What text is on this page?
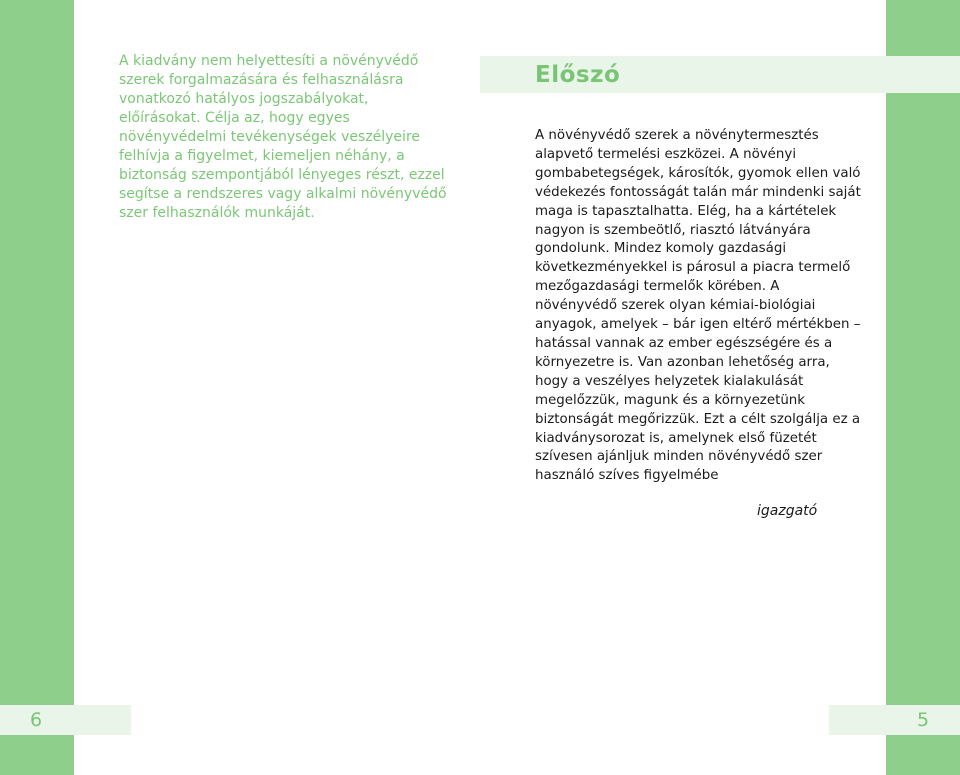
A kiadvány nem helyettesíti a növényvédő szerek forgalmazására és felhasználásra vonatkozó hatályos jogszabályokat, előírásokat. Célja az, hogy egyes növényvédelmi tevékenységek veszélyeire felhívja a figyelmet, kiemeljen néhány, a biztonság szempontjából lényeges részt, ezzel segítse a rendszeres vagy alkalmi növényvédő szer felhasználók munkáját.

Előszó

A növényvédő szerek a növénytermesztés alapvető termelési eszközei. A növényi gombabetegségek, károsítók, gyomok ellen való védekezés fontosságát talán már mindenki saját maga is tapasztalhatta. Elég, ha a kártételek nagyon is szembeötlő, riasztó látványára gondolunk. Mindez komoly gazdasági következményekkel is párosul a piacra termelő mezőgazdasági termelők körében. A növényvédő szerek olyan kémiai-biológiai anyagok, amelyek – bár igen eltérő mértékben – hatással vannak az ember egészségére és a környezetre is. Van azonban lehetőség arra, hogy a veszélyes helyzetek kialakulását megelőzzük, magunk és a környezetünk biztonságát megőrizzük. Ezt a célt szolgálja ez a kiadványsorozat is, amelynek első füzetét szívesen ajánljuk minden növényvédő szer használó szíves figyelmébe

igazgató

6	5
